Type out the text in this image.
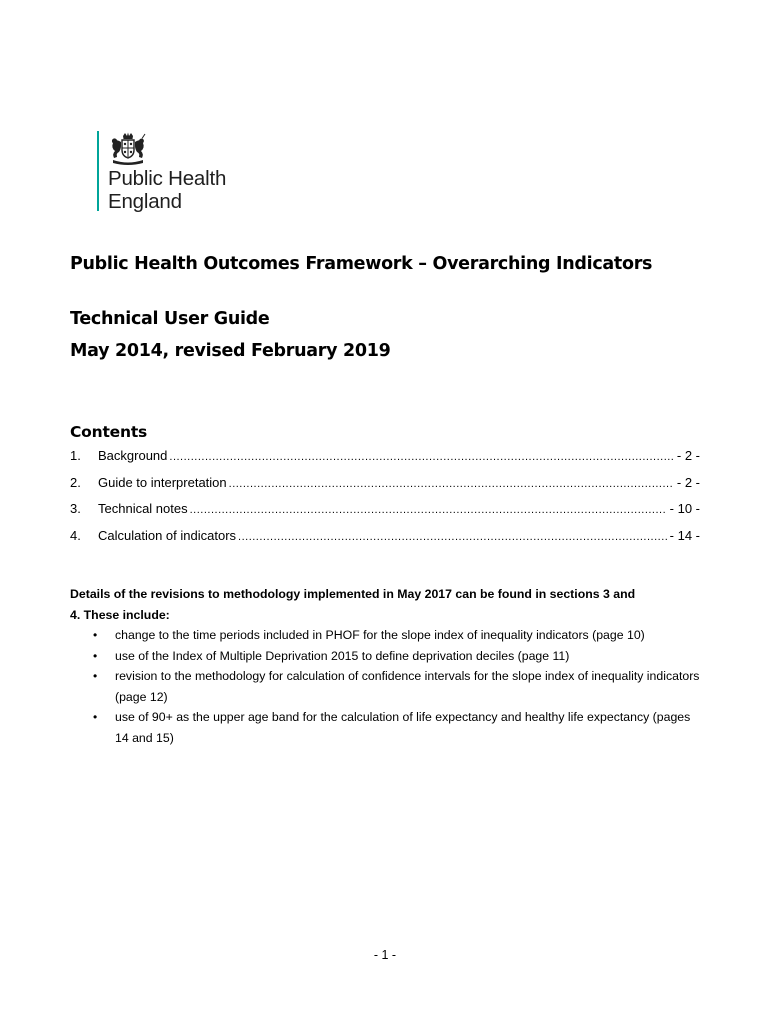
Public Health
England
Public Health Outcomes Framework – Overarching Indicators
Technical User Guide
May 2014, revised February 2019
Contents
1.	Background .....	- 2 -
2.	Guide to interpretation .....	- 2 -
3.	Technical notes .....	- 10 -
4.	Calculation of indicators .....	- 14 -
Details of the revisions to methodology implemented in May 2017 can be found in sections 3 and
4. These include:
• change to the time periods included in PHOF for the slope index of inequality indicators (page 10)
• use of the Index of Multiple Deprivation 2015 to define deprivation deciles (page 11)
• revision to the methodology for calculation of confidence intervals for the slope index of inequality indicators (page 12)
• use of 90+ as the upper age band for the calculation of life expectancy and healthy life expectancy (pages 14 and 15)
- 1 -
